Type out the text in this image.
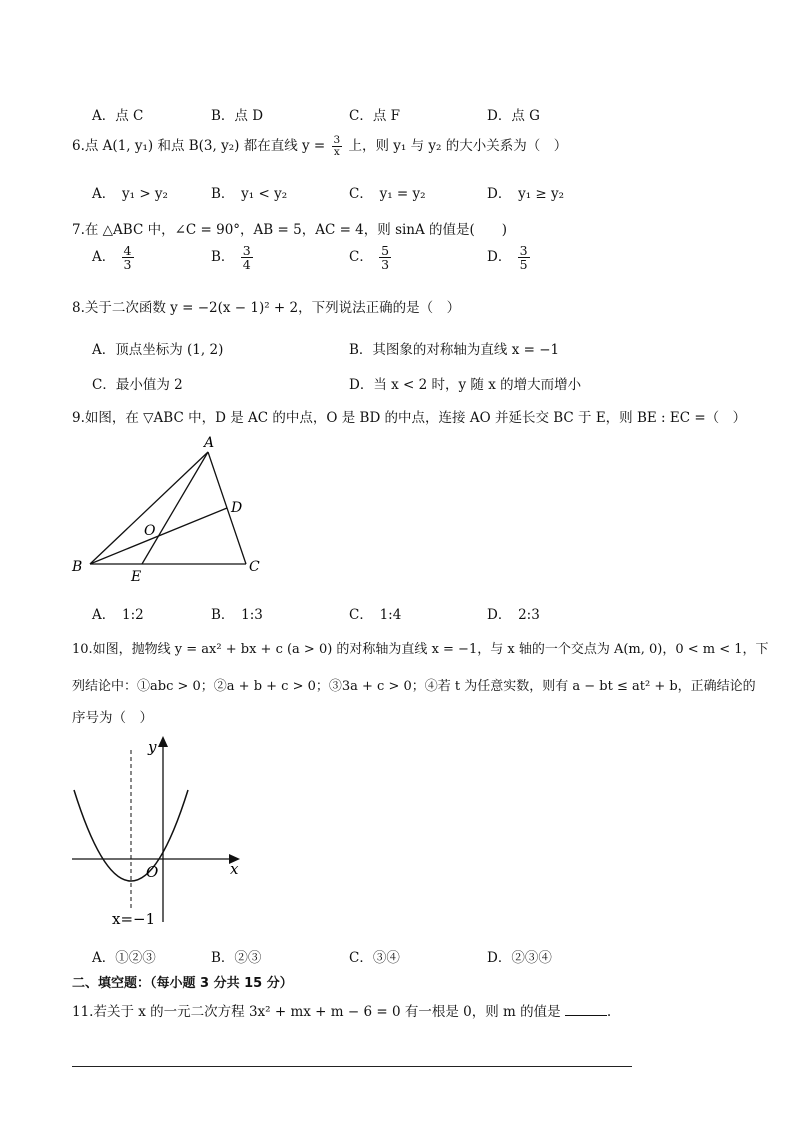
A．点 C	B．点 D	C．点 F	D．点 G
6.点 A(1, y₁) 和点 B(3, y₂) 都在直线 $y = \frac{3}{x}$ 上，则 y₁ 与 y₂ 的大小关系为（　）
A．　y₁ > y₂	B．　y₁ < y₂	C．　y₁ = y₂	D．　y₁ ≥ y₂
7.在 △ABC 中，∠C = 90°，AB = 5，AC = 4，则 sinA 的值是(　　)
A． $\frac{4}{3}$	B． $\frac{3}{4}$	C． $\frac{5}{3}$	D． $\frac{3}{5}$
8.关于二次函数 y = −2(x − 1)² + 2，下列说法正确的是（　）
A．顶点坐标为 (1, 2)	B．其图象的对称轴为直线 x = −1
C．最小值为 2	D．当 x < 2 时，y 随 x 的增大而增小
9.如图，在 ▽ABC 中，D 是 AC 的中点，O 是 BD 的中点，连接 AO 并延长交 BC 于 E，则 BE : EC =（　）
A
B	C
D
O
E
A．　1:2	B．　1:3	C．　1:4	D．　2:3
10.如图，抛物线 y = ax² + bx + c (a > 0) 的对称轴为直线 x = −1，与 x 轴的一个交点为 A(m, 0)，0 < m < 1，下
列结论中：①abc > 0；②a + b + c > 0；③3a + c > 0；④若 t 为任意实数，则有 a − bt ≤ at² + b，正确结论的
序号为（　）
y
x
O
x=−1
A．①②③	B．②③	C．③④	D．②③④
二、填空题：（每小题 3 分共 15 分）
11.若关于 x 的一元二次方程 3x² + mx + m − 6 = 0 有一根是 0，则 m 的值是	.
